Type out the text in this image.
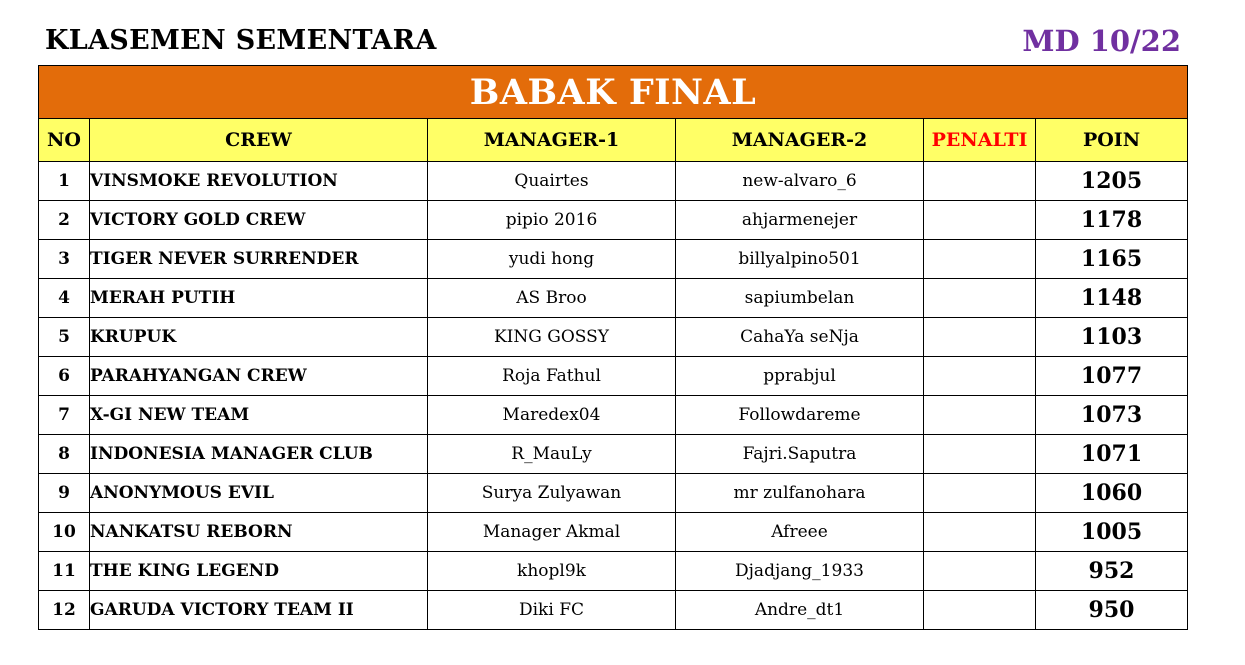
KLASEMEN SEMENTARA	MD 10/22
BABAK FINAL					
NO	CREW	MANAGER-1	MANAGER-2	PENALTI	POIN
1	VINSMOKE REVOLUTION	Quairtes	new-alvaro_6		1205
2	VICTORY GOLD CREW	pipio 2016	ahjarmenejer		1178
3	TIGER NEVER SURRENDER	yudi hong	billyalpino501		1165
4	MERAH PUTIH	AS Broo	sapiumbelan		1148
5	KRUPUK	KING GOSSY	CahaYa seNja		1103
6	PARAHYANGAN CREW	Roja Fathul	pprabjul		1077
7	X-GI NEW TEAM	Maredex04	Followdareme		1073
8	INDONESIA MANAGER CLUB	R_MauLy	Fajri.Saputra		1071
9	ANONYMOUS EVIL	Surya Zulyawan	mr zulfanohara		1060
10	NANKATSU REBORN	Manager Akmal	Afreee		1005
11	THE KING LEGEND	khopl9k	Djadjang_1933		952
12	GARUDA VICTORY TEAM II	Diki FC	Andre_dt1		950
